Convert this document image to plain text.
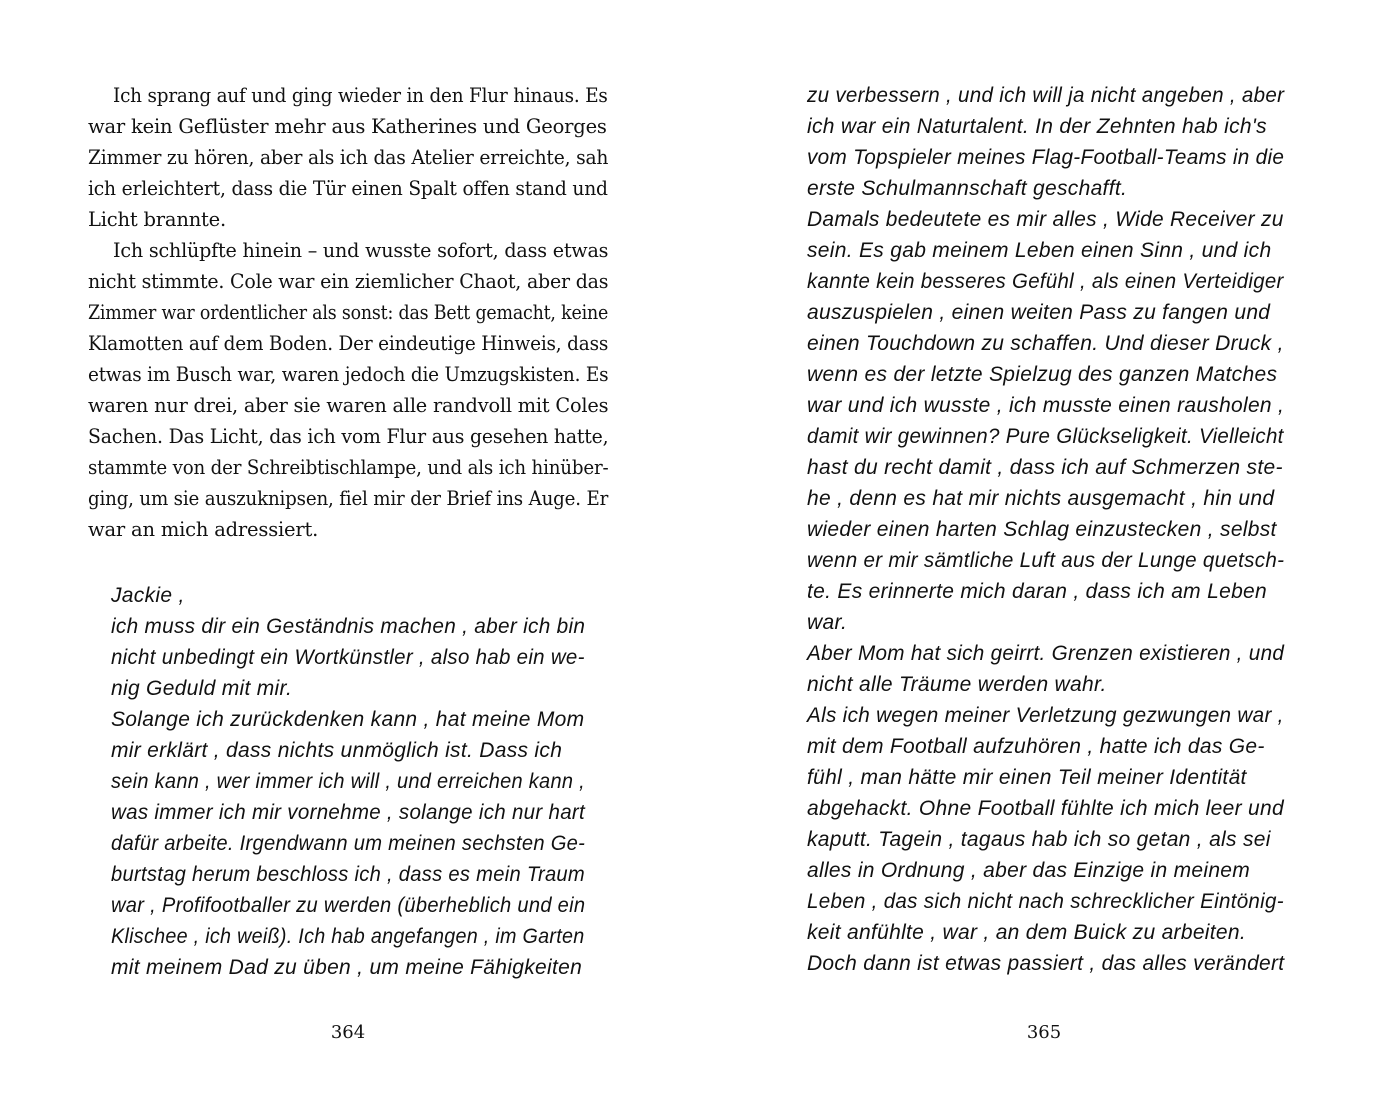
Ich sprang auf und ging wieder in den Flur hinaus. Es
war kein Geflüster mehr aus Katherines und Georges
Zimmer zu hören, aber als ich das Atelier erreichte, sah
ich erleichtert, dass die Tür einen Spalt offen stand und
Licht brannte.
Ich schlüpfte hinein – und wusste sofort, dass etwas
nicht stimmte. Cole war ein ziemlicher Chaot, aber das
Zimmer war ordentlicher als sonst: das Bett gemacht, keine
Klamotten auf dem Boden. Der eindeutige Hinweis, dass
etwas im Busch war, waren jedoch die Umzugskisten. Es
waren nur drei, aber sie waren alle randvoll mit Coles
Sachen. Das Licht, das ich vom Flur aus gesehen hatte,
stammte von der Schreibtischlampe, und als ich hinüber-
ging, um sie auszuknipsen, fiel mir der Brief ins Auge. Er
war an mich adressiert.
Jackie ,
ich muss dir ein Geständnis machen , aber ich bin
nicht unbedingt ein Wortkünstler , also hab ein we-
nig Geduld mit mir.
Solange ich zurückdenken kann , hat meine Mom
mir erklärt , dass nichts unmöglich ist. Dass ich
sein kann , wer immer ich will , und erreichen kann ,
was immer ich mir vornehme , solange ich nur hart
dafür arbeite. Irgendwann um meinen sechsten Ge-
burtstag herum beschloss ich , dass es mein Traum
war , Profifootballer zu werden (überheblich und ein
Klischee , ich weiß). Ich hab angefangen , im Garten
mit meinem Dad zu üben , um meine Fähigkeiten
364
zu verbessern , und ich will ja nicht angeben , aber
ich war ein Naturtalent. In der Zehnten hab ich's
vom Topspieler meines Flag-Football-Teams in die
erste Schulmannschaft geschafft.
Damals bedeutete es mir alles , Wide Receiver zu
sein. Es gab meinem Leben einen Sinn , und ich
kannte kein besseres Gefühl , als einen Verteidiger
auszuspielen , einen weiten Pass zu fangen und
einen Touchdown zu schaffen. Und dieser Druck ,
wenn es der letzte Spielzug des ganzen Matches
war und ich wusste , ich musste einen rausholen ,
damit wir gewinnen? Pure Glückseligkeit. Vielleicht
hast du recht damit , dass ich auf Schmerzen ste-
he , denn es hat mir nichts ausgemacht , hin und
wieder einen harten Schlag einzustecken , selbst
wenn er mir sämtliche Luft aus der Lunge quetsch-
te. Es erinnerte mich daran , dass ich am Leben
war.
Aber Mom hat sich geirrt. Grenzen existieren , und
nicht alle Träume werden wahr.
Als ich wegen meiner Verletzung gezwungen war ,
mit dem Football aufzuhören , hatte ich das Ge-
fühl , man hätte mir einen Teil meiner Identität
abgehackt. Ohne Football fühlte ich mich leer und
kaputt. Tagein , tagaus hab ich so getan , als sei
alles in Ordnung , aber das Einzige in meinem
Leben , das sich nicht nach schrecklicher Eintönig-
keit anfühlte , war , an dem Buick zu arbeiten.
Doch dann ist etwas passiert , das alles verändert
365
